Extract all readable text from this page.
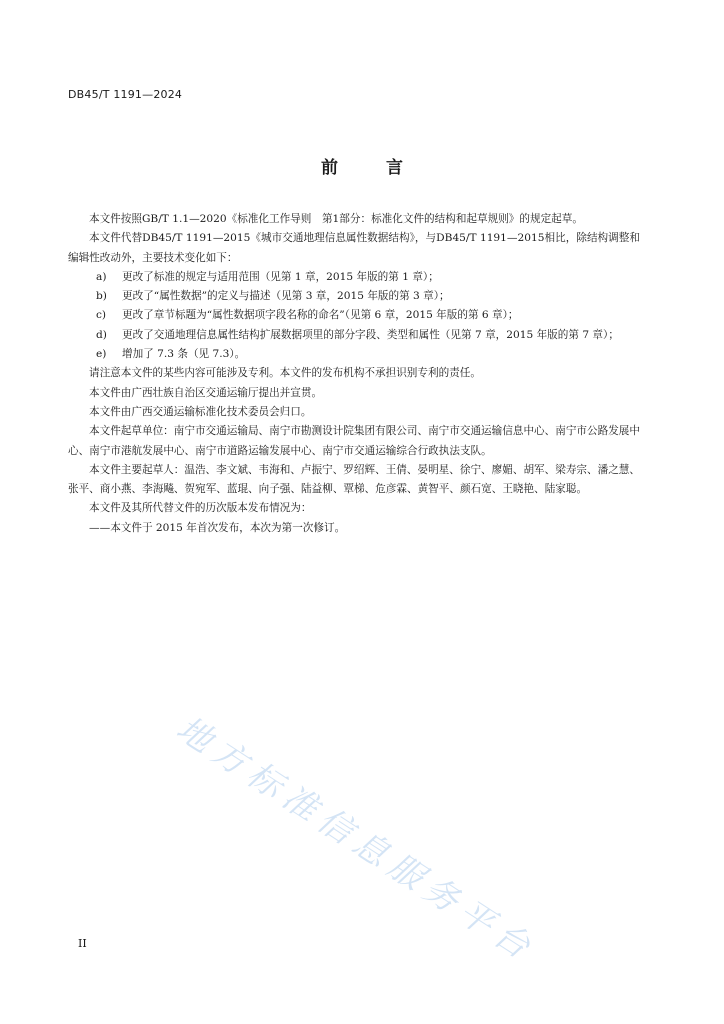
DB45/T 1191—2024
前	言

本文件按照GB/T 1.1—2020《标准化工作导则　第1部分：标准化文件的结构和起草规则》的规定起草。

本文件代替DB45/T 1191—2015《城市交通地理信息属性数据结构》，与DB45/T 1191—2015相比，除结构调整和编辑性改动外，主要技术变化如下：

a) 更改了标准的规定与适用范围（见第 1 章，2015 年版的第 1 章）；

b) 更改了“属性数据”的定义与描述（见第 3 章，2015 年版的第 3 章）；

c) 更改了章节标题为“属性数据项字段名称的命名”（见第 6 章，2015 年版的第 6 章）；

d) 更改了交通地理信息属性结构扩展数据项里的部分字段、类型和属性（见第 7 章，2015 年版的第 7 章）；

e) 增加了 7.3 条（见 7.3）。

请注意本文件的某些内容可能涉及专利。本文件的发布机构不承担识别专利的责任。

本文件由广西壮族自治区交通运输厅提出并宣贯。

本文件由广西交通运输标准化技术委员会归口。

本文件起草单位：南宁市交通运输局、南宁市勘测设计院集团有限公司、南宁市交通运输信息中心、南宁市公路发展中心、南宁市港航发展中心、南宁市道路运输发展中心、南宁市交通运输综合行政执法支队。

本文件主要起草人：温浩、李文斌、韦海和、卢振宁、罗绍辉、王倩、晏明星、徐宁、廖媚、胡军、梁寿宗、潘之慧、张平、商小燕、李海飚、贺宛军、蓝琨、向子强、陆益柳、覃梯、危彦霖、黄智平、颜石宽、王晓艳、陆家聪。

本文件及其所代替文件的历次版本发布情况为：

——本文件于 2015 年首次发布，本次为第一次修订。

地方标准信息服务平台
II
